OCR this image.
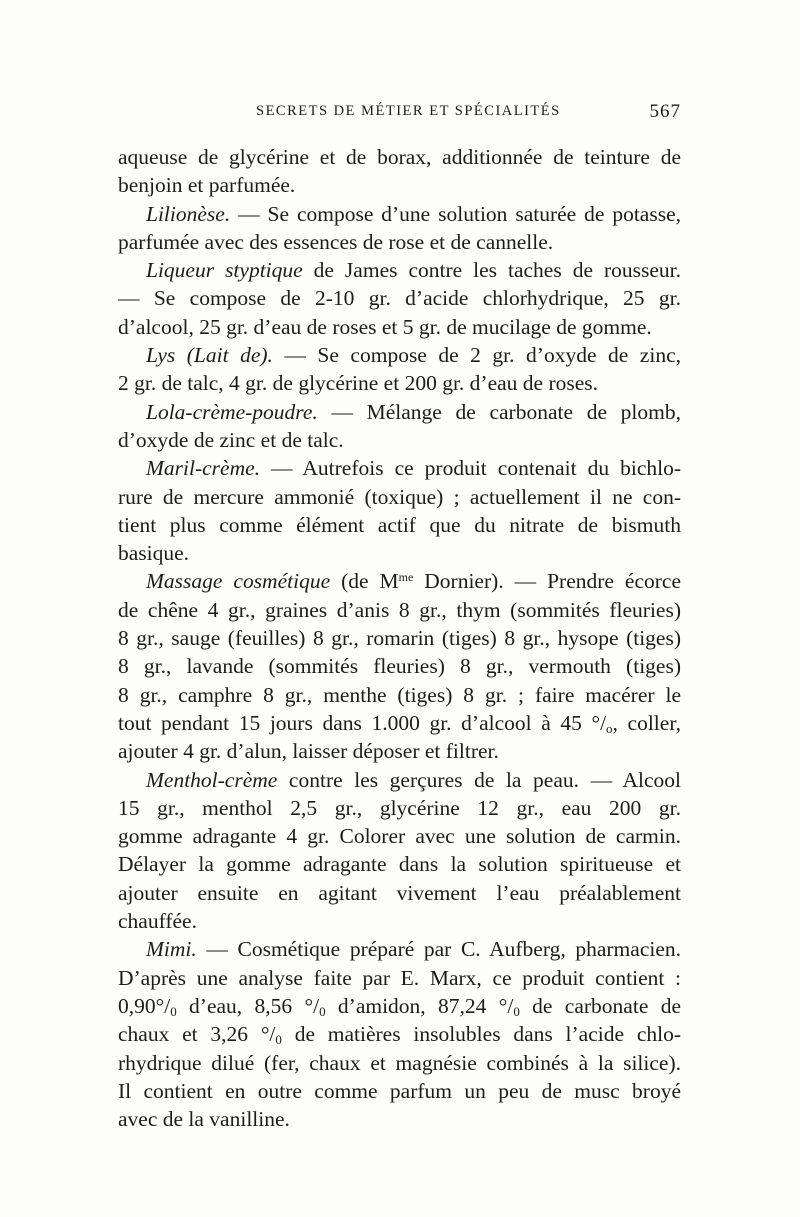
SECRETS DE MÉTIER ET SPÉCIALITÉS	567
aqueuse de glycérine et de borax, additionnée de teinture de
benjoin et parfumée.
Lilionèse. — Se compose d’une solution saturée de potasse,
parfumée avec des essences de rose et de cannelle.
Liqueur styptique de James contre les taches de rousseur.
— Se compose de 2-10 gr. d’acide chlorhydrique, 25 gr.
d’alcool, 25 gr. d’eau de roses et 5 gr. de mucilage de gomme.
Lys (Lait de). — Se compose de 2 gr. d’oxyde de zinc,
2 gr. de talc, 4 gr. de glycérine et 200 gr. d’eau de roses.
Lola-crème-poudre. — Mélange de carbonate de plomb,
d’oxyde de zinc et de talc.
Maril-crème. — Autrefois ce produit contenait du bichlo-
rure de mercure ammonié (toxique) ; actuellement il ne con-
tient plus comme élément actif que du nitrate de bismuth
basique.
Massage cosmétique (de $M^{me}$ Dornier). — Prendre écorce
de chêne 4 gr., graines d’anis 8 gr., thym (sommités fleuries)
8 gr., sauge (feuilles) 8 gr., romarin (tiges) 8 gr., hysope (tiges)
8 gr., lavande (sommités fleuries) 8 gr., vermouth (tiges)
8 gr., camphre 8 gr., menthe (tiges) 8 gr. ; faire macérer le
tout pendant 15 jours dans 1.000 gr. d’alcool à 45 $^\circ/_o$, coller,
ajouter 4 gr. d’alun, laisser déposer et filtrer.
Menthol-crème contre les gerçures de la peau. — Alcool
15 gr., menthol 2,5 gr., glycérine 12 gr., eau 200 gr.
gomme adragante 4 gr. Colorer avec une solution de carmin.
Délayer la gomme adragante dans la solution spiritueuse et
ajouter ensuite en agitant vivement l’eau préalablement
chauffée.
Mimi. — Cosmétique préparé par C. Aufberg, pharmacien.
D’après une analyse faite par E. Marx, ce produit contient :
$0,90^\circ/_0$ d’eau, 8,56 $^\circ/_0$ d’amidon, 87,24 $^\circ/_0$ de carbonate de
chaux et 3,26 $^\circ/_0$ de matières insolubles dans l’acide chlo-
rhydrique dilué (fer, chaux et magnésie combinés à la silice).
Il contient en outre comme parfum un peu de musc broyé
avec de la vanilline.
